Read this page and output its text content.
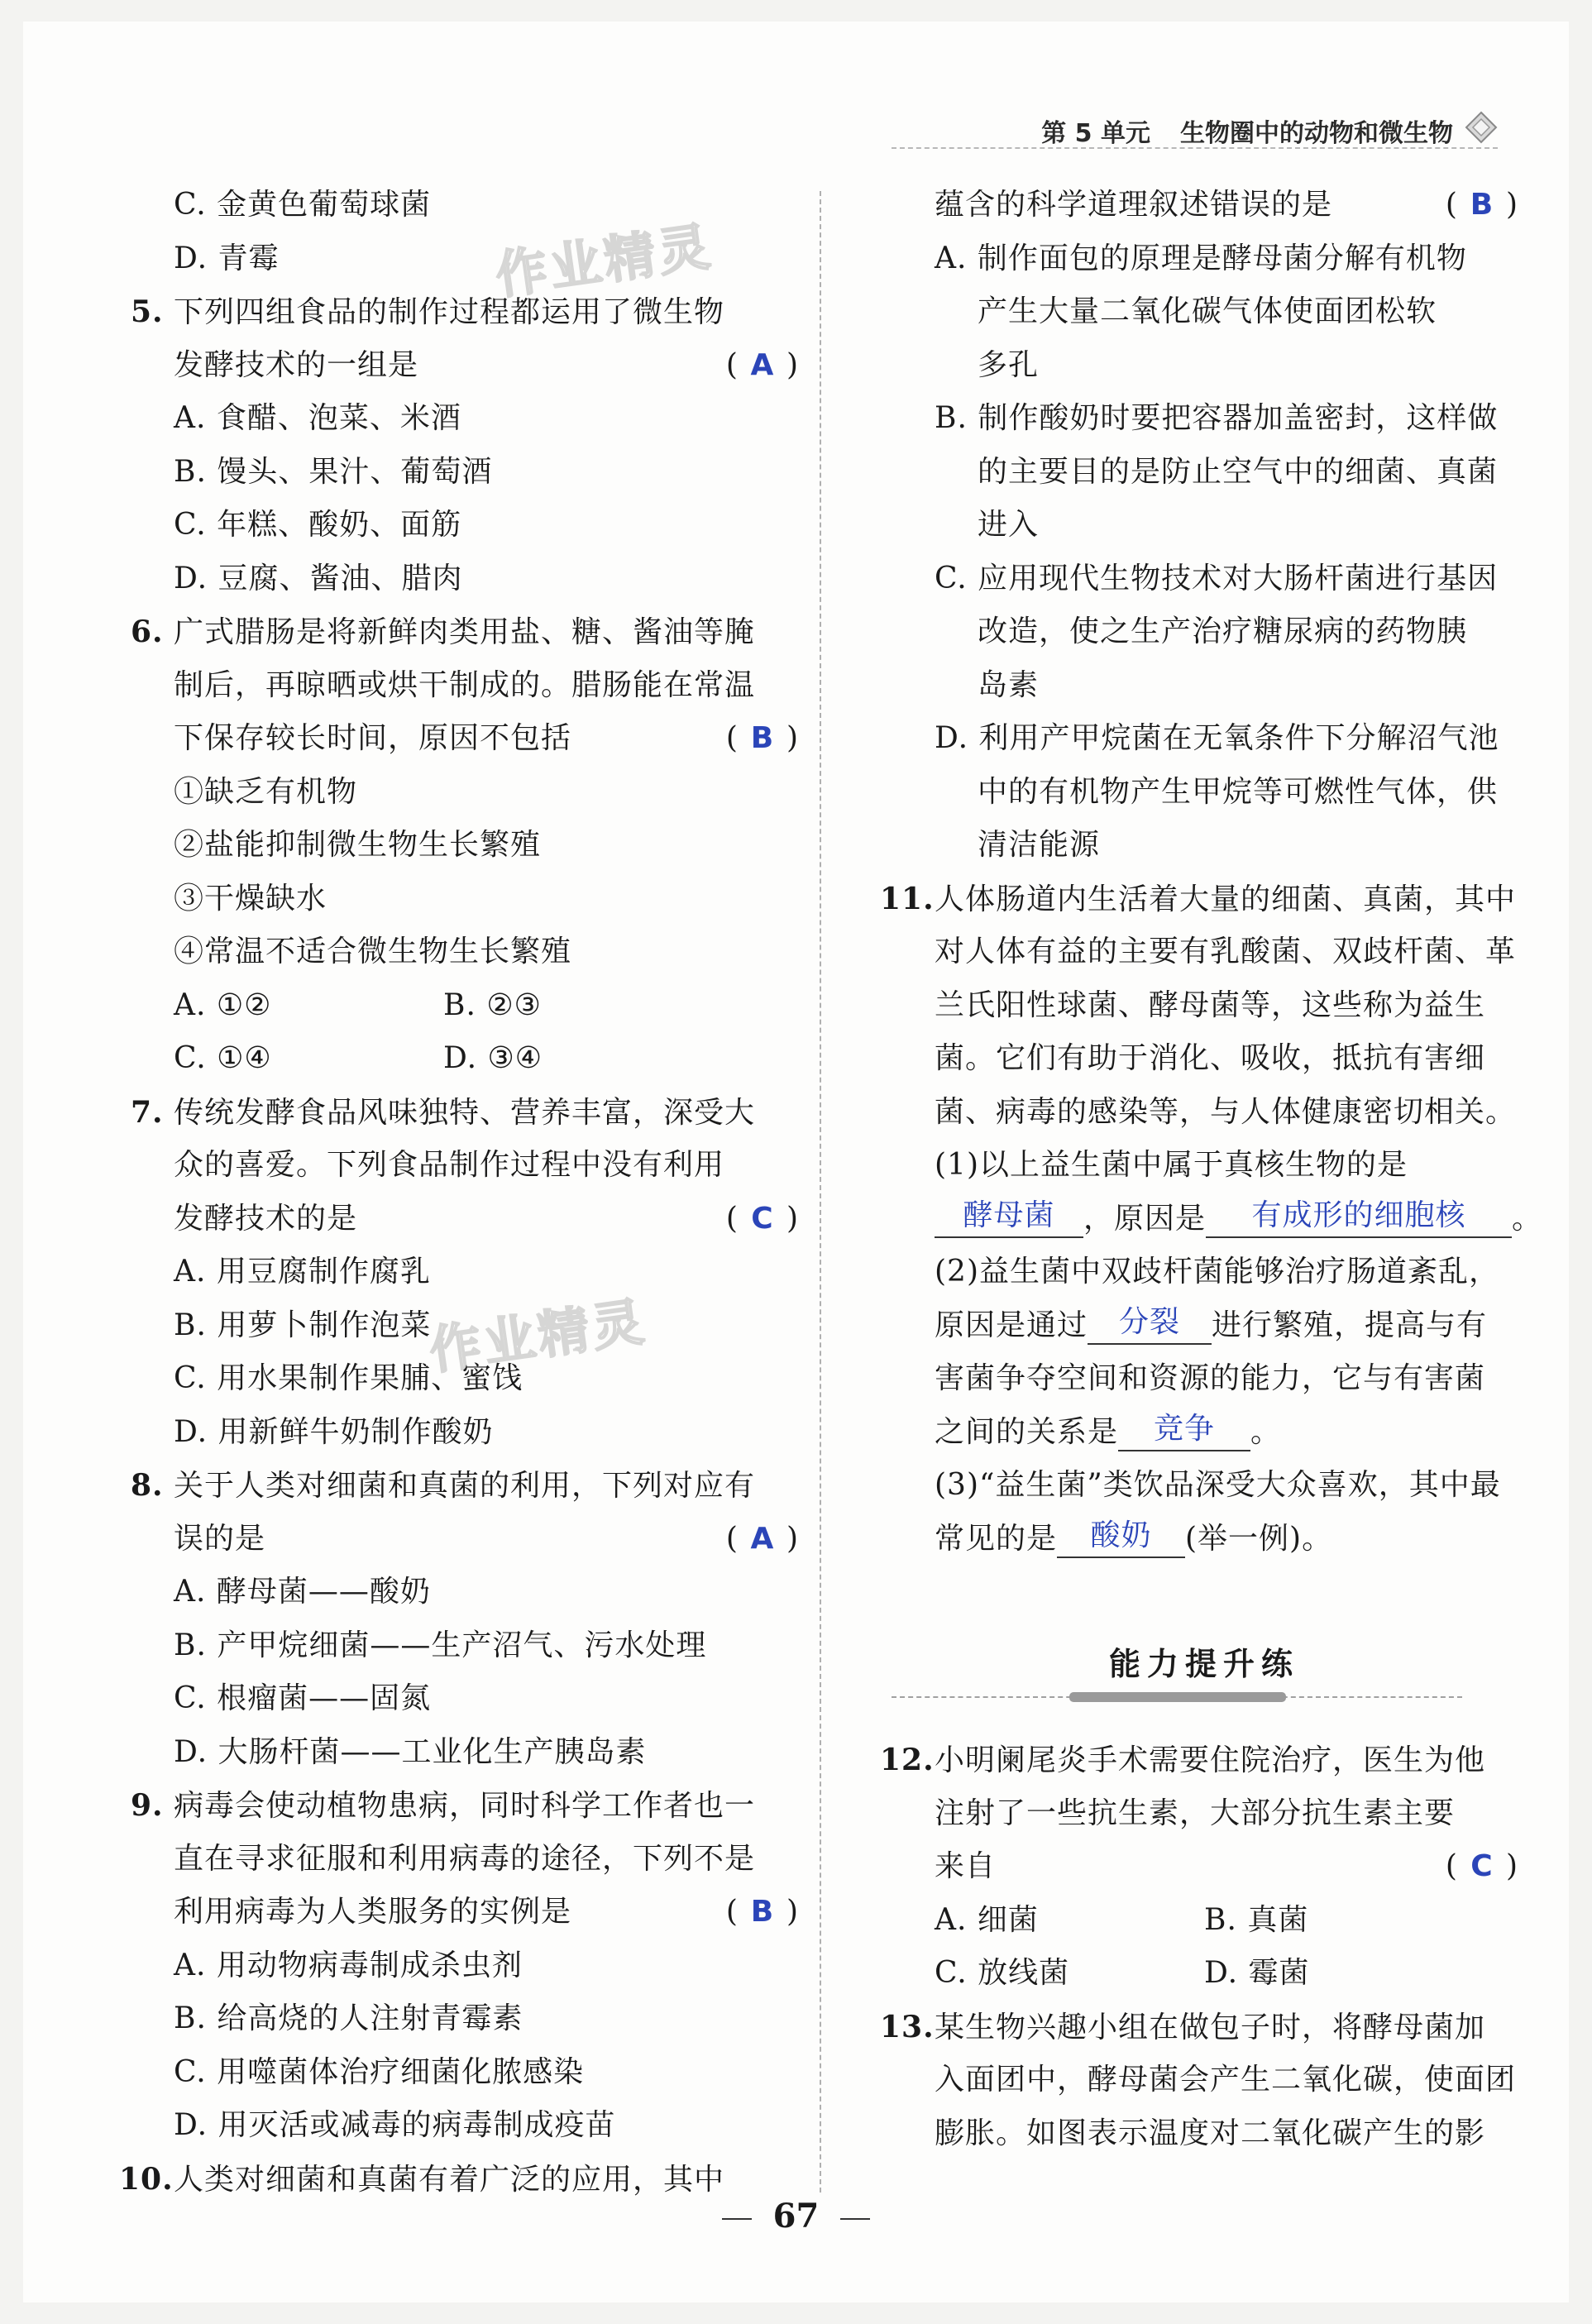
第 5 单元 生物圈中的动物和微生物
作业精灵
作业精灵
C. 金黄色葡萄球菌
D. 青霉
5. 下列四组食品的制作过程都运用了微生物
发酵技术的一组是	( A )
A. 食醋、泡菜、米酒
B. 馒头、果汁、葡萄酒
C. 年糕、酸奶、面筋
D. 豆腐、酱油、腊肉
6. 广式腊肠是将新鲜肉类用盐、糖、酱油等腌
制后，再晾晒或烘干制成的。腊肠能在常温
下保存较长时间，原因不包括	( B )
①缺乏有机物
②盐能抑制微生物生长繁殖
③干燥缺水
④常温不适合微生物生长繁殖
A. ①②	B. ②③
C. ①④	D. ③④
7. 传统发酵食品风味独特、营养丰富，深受大
众的喜爱。下列食品制作过程中没有利用
发酵技术的是	( C )
A. 用豆腐制作腐乳
B. 用萝卜制作泡菜
C. 用水果制作果脯、蜜饯
D. 用新鲜牛奶制作酸奶
8. 关于人类对细菌和真菌的利用，下列对应有
误的是	( A )
A. 酵母菌——酸奶
B. 产甲烷细菌——生产沼气、污水处理
C. 根瘤菌——固氮
D. 大肠杆菌——工业化生产胰岛素
9. 病毒会使动植物患病，同时科学工作者也一
直在寻求征服和利用病毒的途径，下列不是
利用病毒为人类服务的实例是	( B )
A. 用动物病毒制成杀虫剂
B. 给高烧的人注射青霉素
C. 用噬菌体治疗细菌化脓感染
D. 用灭活或减毒的病毒制成疫苗
10.人类对细菌和真菌有着广泛的应用，其中
蕴含的科学道理叙述错误的是	( B )
A. 制作面包的原理是酵母菌分解有机物
产生大量二氧化碳气体使面团松软
多孔
B. 制作酸奶时要把容器加盖密封，这样做
的主要目的是防止空气中的细菌、真菌
进入
C. 应用现代生物技术对大肠杆菌进行基因
改造，使之生产治疗糖尿病的药物胰
岛素
D. 利用产甲烷菌在无氧条件下分解沼气池
中的有机物产生甲烷等可燃性气体，供
清洁能源
11.人体肠道内生活着大量的细菌、真菌，其中
对人体有益的主要有乳酸菌、双歧杆菌、革
兰氏阳性球菌、酵母菌等，这些称为益生
菌。它们有助于消化、吸收，抵抗有害细
菌、病毒的感染等，与人体健康密切相关。
(1)以上益生菌中属于真核生物的是
酵母菌 ，原因是 有成形的细胞核 。
(2)益生菌中双歧杆菌能够治疗肠道紊乱，
原因是通过 分裂 进行繁殖，提高与有
害菌争夺空间和资源的能力，它与有害菌
之间的关系是 竞争 。
(3)“益生菌”类饮品深受大众喜欢，其中最
常见的是 酸奶 (举一例)。
能力提升练
12.小明阑尾炎手术需要住院治疗，医生为他
注射了一些抗生素，大部分抗生素主要
来自	( C )
A. 细菌	B. 真菌
C. 放线菌	D. 霉菌
13.某生物兴趣小组在做包子时，将酵母菌加
入面团中，酵母菌会产生二氧化碳，使面团
膨胀。如图表示温度对二氧化碳产生的影
67
